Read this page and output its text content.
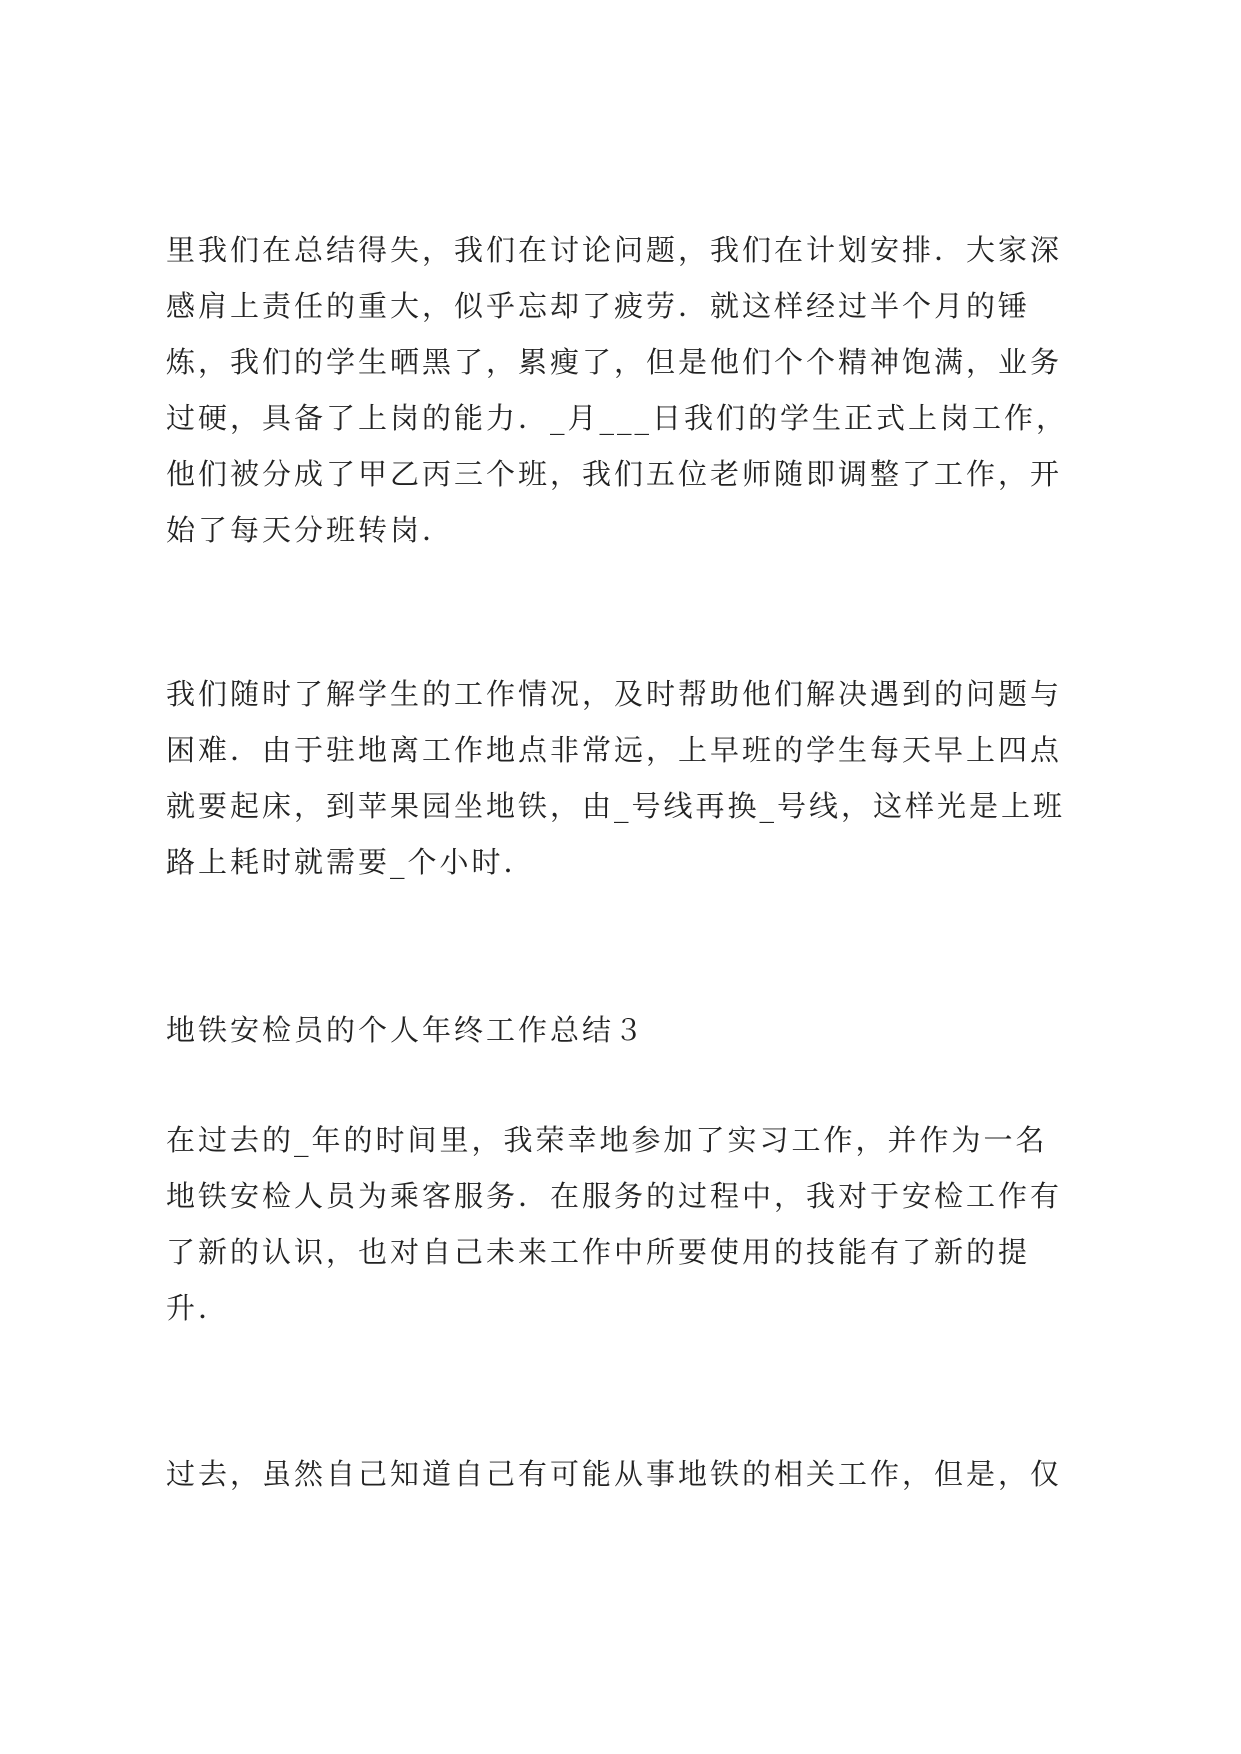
里我们在总结得失，我们在讨论问题，我们在计划安排．大家深
感肩上责任的重大，似乎忘却了疲劳．就这样经过半个月的锤
炼，我们的学生晒黑了，累瘦了，但是他们个个精神饱满，业务
过硬，具备了上岗的能力．_月___日我们的学生正式上岗工作，
他们被分成了甲乙丙三个班，我们五位老师随即调整了工作，开
始了每天分班转岗．
我们随时了解学生的工作情况，及时帮助他们解决遇到的问题与
困难．由于驻地离工作地点非常远，上早班的学生每天早上四点
就要起床，到苹果园坐地铁，由_号线再换_号线，这样光是上班
路上耗时就需要_个小时．
地铁安检员的个人年终工作总结３
在过去的_年的时间里，我荣幸地参加了实习工作，并作为一名
地铁安检人员为乘客服务．在服务的过程中，我对于安检工作有
了新的认识，也对自己未来工作中所要使用的技能有了新的提
升．
过去，虽然自己知道自己有可能从事地铁的相关工作，但是，仅
